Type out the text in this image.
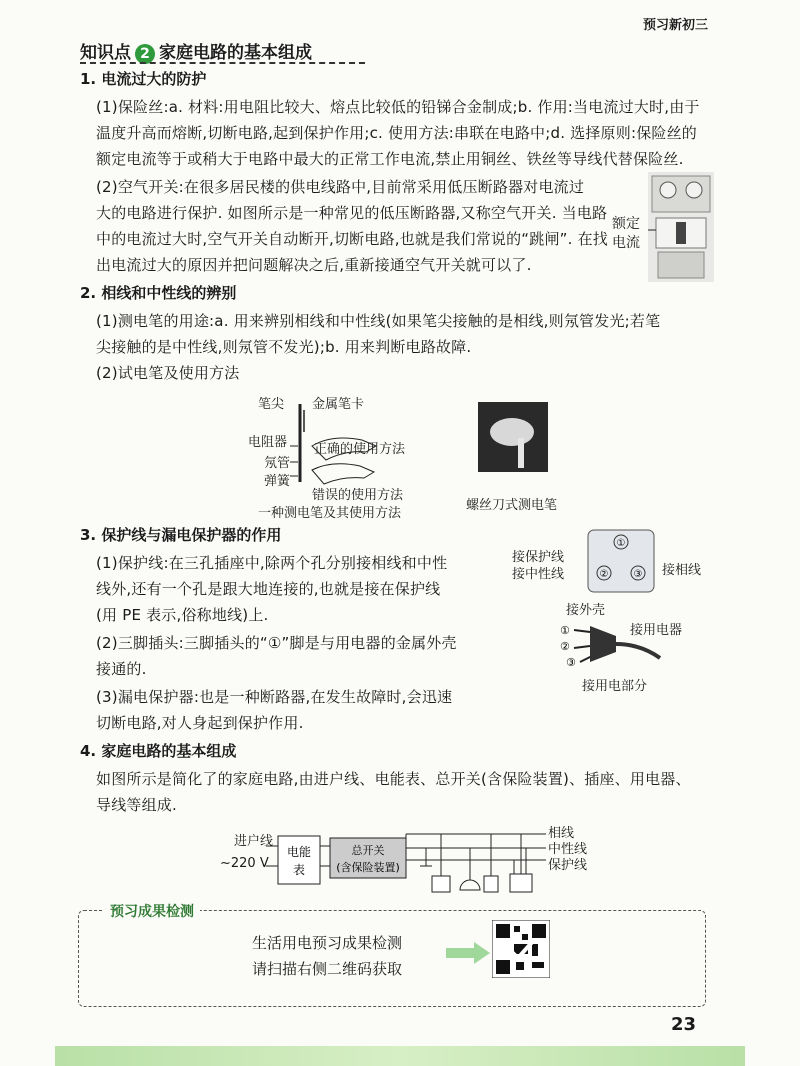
预习新初三
知识点 2 家庭电路的基本组成
1. 电流过大的防护
(1)保险丝:a. 材料:用电阻比较大、熔点比较低的铅锑合金制成;b. 作用:当电流过大时,由于
温度升高而熔断,切断电路,起到保护作用;c. 使用方法:串联在电路中;d. 选择原则:保险丝的
额定电流等于或稍大于电路中最大的正常工作电流,禁止用铜丝、铁丝等导线代替保险丝.
(2)空气开关:在很多居民楼的供电线路中,目前常采用低压断路器对电流过
大的电路进行保护. 如图所示是一种常见的低压断路器,又称空气开关. 当电路
中的电流过大时,空气开关自动断开,切断电路,也就是我们常说的“跳闸”. 在找
出电流过大的原因并把问题解决之后,重新接通空气开关就可以了.
额定
电流
2. 相线和中性线的辨别
(1)测电笔的用途:a. 用来辨别相线和中性线(如果笔尖接触的是相线,则氖管发光;若笔
尖接触的是中性线,则氖管不发光);b. 用来判断电路故障.
(2)试电笔及使用方法
笔尖 金属笔卡
电阻器
氖管
弹簧
正确的使用方法
错误的使用方法
一种测电笔及其使用方法
螺丝刀式测电笔
3. 保护线与漏电保护器的作用
(1)保护线:在三孔插座中,除两个孔分别接相线和中性
线外,还有一个孔是跟大地连接的,也就是接在保护线
(用 PE 表示,俗称地线)上.
(2)三脚插头:三脚插头的“①”脚是与用电器的金属外壳
接通的.
(3)漏电保护器:也是一种断路器,在发生故障时,会迅速
切断电路,对人身起到保护作用.
接保护线
接中性线	接相线
①
②	③
接外壳
接用电器
接用电部分
①
②
③
4. 家庭电路的基本组成
如图所示是简化了的家庭电路,由进户线、电能表、总开关(含保险装置)、插座、用电器、
导线等组成.
进户线
~220 V
相线
中性线
保护线
电能
表
总开关
(含保险装置)
预习成果检测
生活用电预习成果检测
请扫描右侧二维码获取
23
